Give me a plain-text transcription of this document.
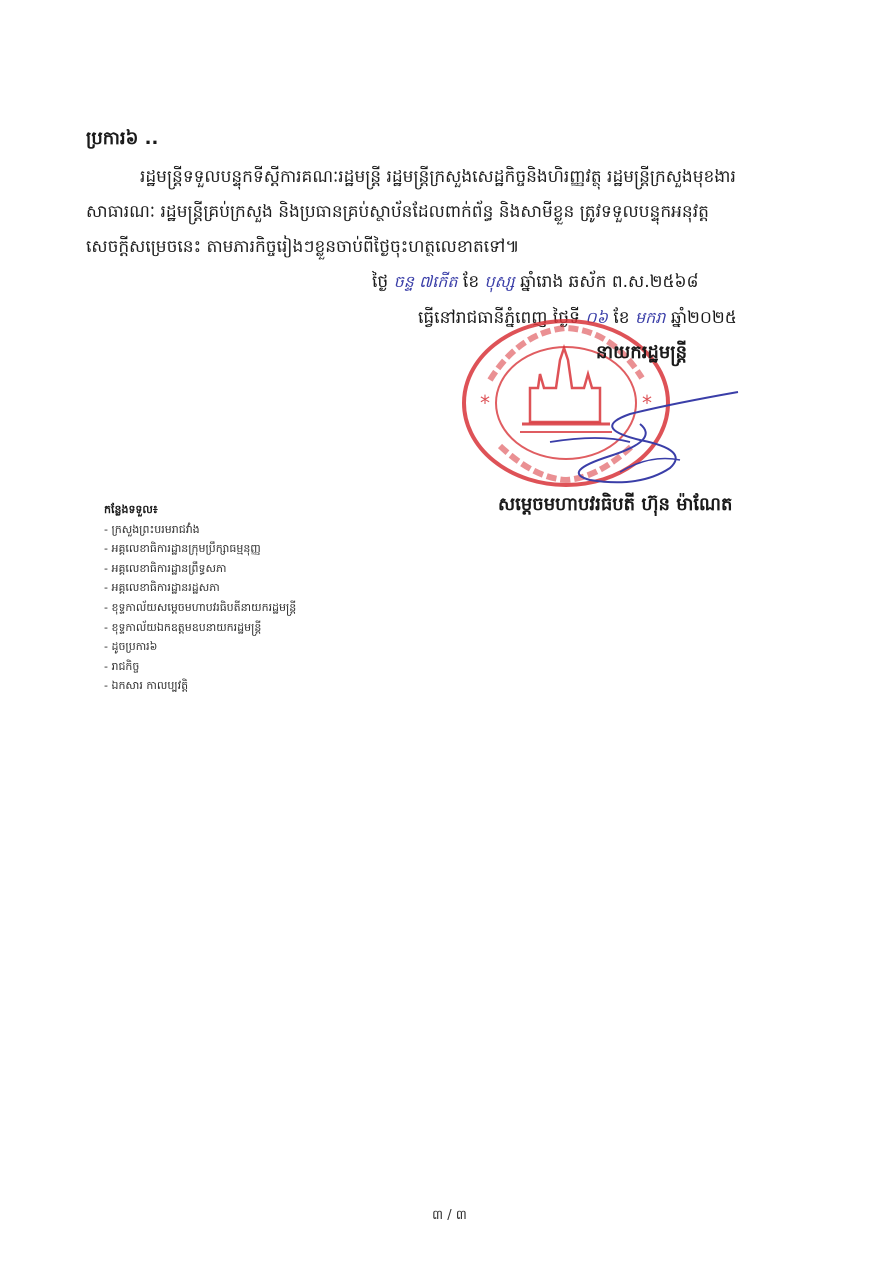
ប្រការ៦ ..
រដ្ឋមន្ត្រីទទួលបន្ទុកទីស្តីការគណៈរដ្ឋមន្ត្រី រដ្ឋមន្ត្រីក្រសួងសេដ្ឋកិច្ចនិងហិរញ្ញវត្ថុ រដ្ឋមន្ត្រីក្រសួងមុខងារ
សាធារណៈ រដ្ឋមន្ត្រីគ្រប់ក្រសួង និងប្រធានគ្រប់ស្ថាប័នដែលពាក់ព័ន្ធ និងសាមីខ្លួន ត្រូវទទួលបន្ទុកអនុវត្ត
សេចក្តីសម្រេចនេះ តាមភារកិច្ចរៀងៗខ្លួនចាប់ពីថ្ងៃចុះហត្ថលេខាតទៅ៕
ថ្ងៃ ចន្ទ ៧កើត ខែ បុស្ស ឆ្នាំរោង ឆស័ក ព.ស.២៥៦៨
ធ្វើនៅរាជធានីភ្នំពេញ ថ្ងៃទី ០៦ ខែ មករា ឆ្នាំ២០២៥
*	*
នាយករដ្ឋមន្ត្រី
សម្តេចមហាបវរធិបតី ហ៊ុន ម៉ាណែត
កន្លែងទទួល៖
- ក្រសួងព្រះបរមរាជវាំង
- អគ្គលេខាធិការដ្ឋានក្រុមប្រឹក្សាធម្មនុញ្ញ
- អគ្គលេខាធិការដ្ឋានព្រឹទ្ធសភា
- អគ្គលេខាធិការដ្ឋានរដ្ឋសភា
- ខុទ្ទកាល័យសម្តេចមហាបវរធិបតីនាយករដ្ឋមន្ត្រី
- ខុទ្ទកាល័យឯកឧត្តមឧបនាយករដ្ឋមន្ត្រី
- ដូចប្រការ៦
- រាជកិច្ច
- ឯកសារ កាលប្បវត្តិ
៣ / ៣
